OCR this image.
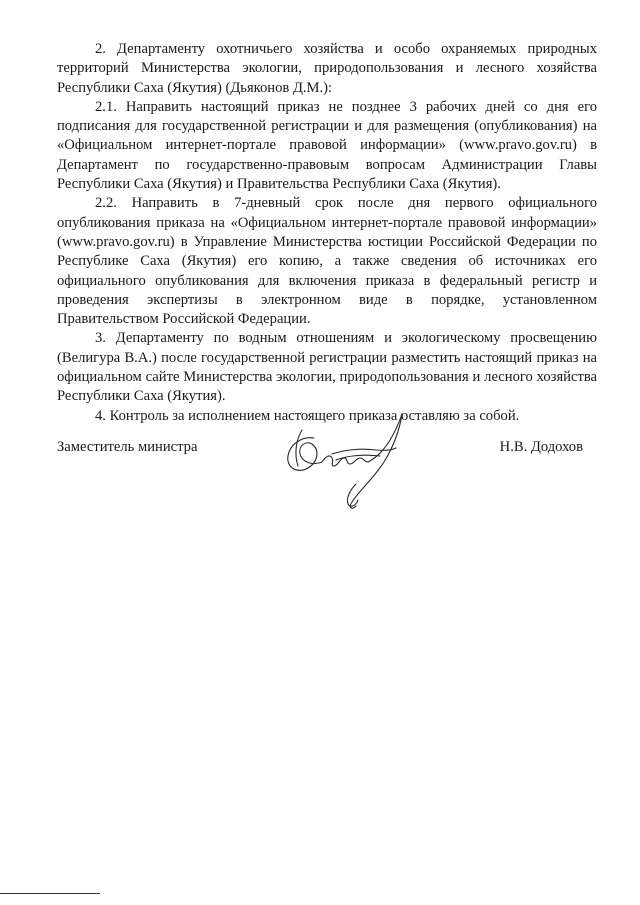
2. Департаменту охотничьего хозяйства и особо охраняемых природных территорий Министерства экологии, природопользования и лесного хозяйства Республики Саха (Якутия) (Дьяконов Д.М.):

2.1. Направить настоящий приказ не позднее 3 рабочих дней со дня его подписания для государственной регистрации и для размещения (опубликования) на «Официальном интернет-портале правовой информации» (www.pravo.gov.ru) в Департамент по государственно-правовым вопросам Администрации Главы Республики Саха (Якутия) и Правительства Республики Саха (Якутия).

2.2. Направить в 7-дневный срок после дня первого официального опубликования приказа на «Официальном интернет-портале правовой информации» (www.pravo.gov.ru) в Управление Министерства юстиции Российской Федерации по Республике Саха (Якутия) его копию, а также сведения об источниках его официального опубликования для включения приказа в федеральный регистр и проведения экспертизы в электронном виде в порядке, установленном Правительством Российской Федерации.

3. Департаменту по водным отношениям и экологическому просвещению (Велигура В.А.) после государственной регистрации разместить настоящий приказ на официальном сайте Министерства экологии, природопользования и лесного хозяйства Республики Саха (Якутия).

4. Контроль за исполнением настоящего приказа оставляю за собой.

Заместитель министра	Н.В. Додохов
